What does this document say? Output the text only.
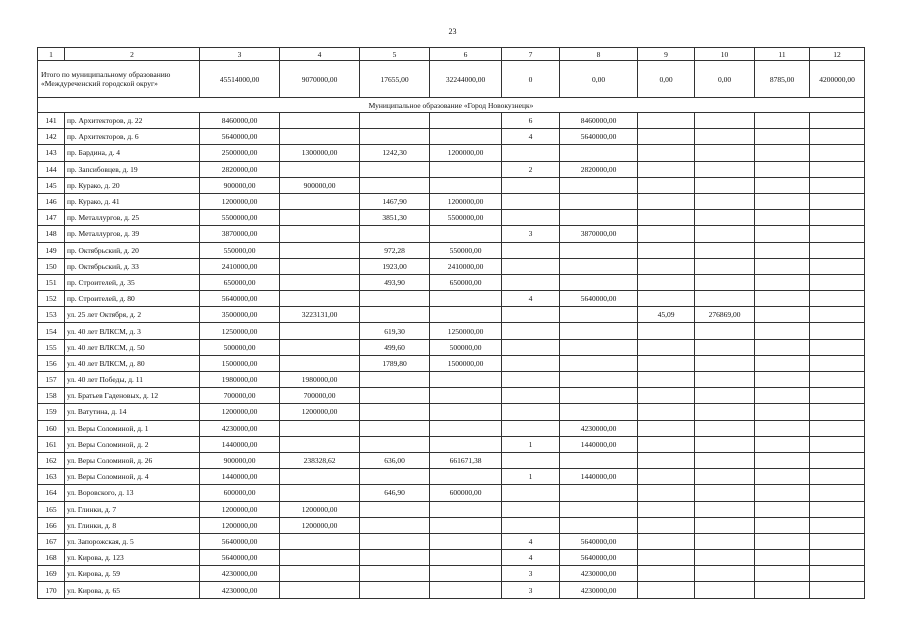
23
1	2	3	4	5	6	7	8	9	10	11	12
Итого по муниципальному образованию «Междуреченский городской округ»		45514000,00	9070000,00	17655,00	32244000,00	0	0,00	0,00	0,00	8785,00	4200000,00
Муниципальное образование «Город Новокузнецк»											
141	пр. Архитекторов, д. 22	8460000,00				6	8460000,00				
142	пр. Архитекторов, д. 6	5640000,00				4	5640000,00				
143	пр. Бардина, д. 4	2500000,00	1300000,00	1242,30	1200000,00						
144	пр. Запсибовцев, д. 19	2820000,00				2	2820000,00				
145	пр. Курако, д. 20	900000,00	900000,00								
146	пр. Курако, д. 41	1200000,00		1467,90	1200000,00						
147	пр. Металлургов, д. 25	5500000,00		3851,30	5500000,00						
148	пр. Металлургов, д. 39	3870000,00				3	3870000,00				
149	пр. Октябрьский, д. 20	550000,00		972,28	550000,00						
150	пр. Октябрьский, д. 33	2410000,00		1923,00	2410000,00						
151	пр. Строителей, д. 35	650000,00		493,90	650000,00						
152	пр. Строителей, д. 80	5640000,00				4	5640000,00				
153	ул. 25 лет Октября, д. 2	3500000,00	3223131,00					45,09	276869,00		
154	ул. 40 лет ВЛКСМ, д. 3	1250000,00		619,30	1250000,00						
155	ул. 40 лет ВЛКСМ, д. 50	500000,00		499,60	500000,00						
156	ул. 40 лет ВЛКСМ, д. 80	1500000,00		1789,80	1500000,00						
157	ул. 40 лет Победы, д. 11	1980000,00	1980000,00								
158	ул. Братьев Гаденовых, д. 12	700000,00	700000,00								
159	ул. Ватутина, д. 14	1200000,00	1200000,00								
160	ул. Веры Соломиной, д. 1	4230000,00					4230000,00				
161	ул. Веры Соломиной, д. 2	1440000,00				1	1440000,00				
162	ул. Веры Соломиной, д. 26	900000,00	238328,62	636,00	661671,38						
163	ул. Веры Соломиной, д. 4	1440000,00				1	1440000,00				
164	ул. Воровского, д. 13	600000,00		646,90	600000,00						
165	ул. Глинки, д. 7	1200000,00	1200000,00								
166	ул. Глинки, д. 8	1200000,00	1200000,00								
167	ул. Запорожская, д. 5	5640000,00				4	5640000,00				
168	ул. Кирова, д. 123	5640000,00				4	5640000,00				
169	ул. Кирова, д. 59	4230000,00				3	4230000,00				
170	ул. Кирова, д. 65	4230000,00				3	4230000,00				
